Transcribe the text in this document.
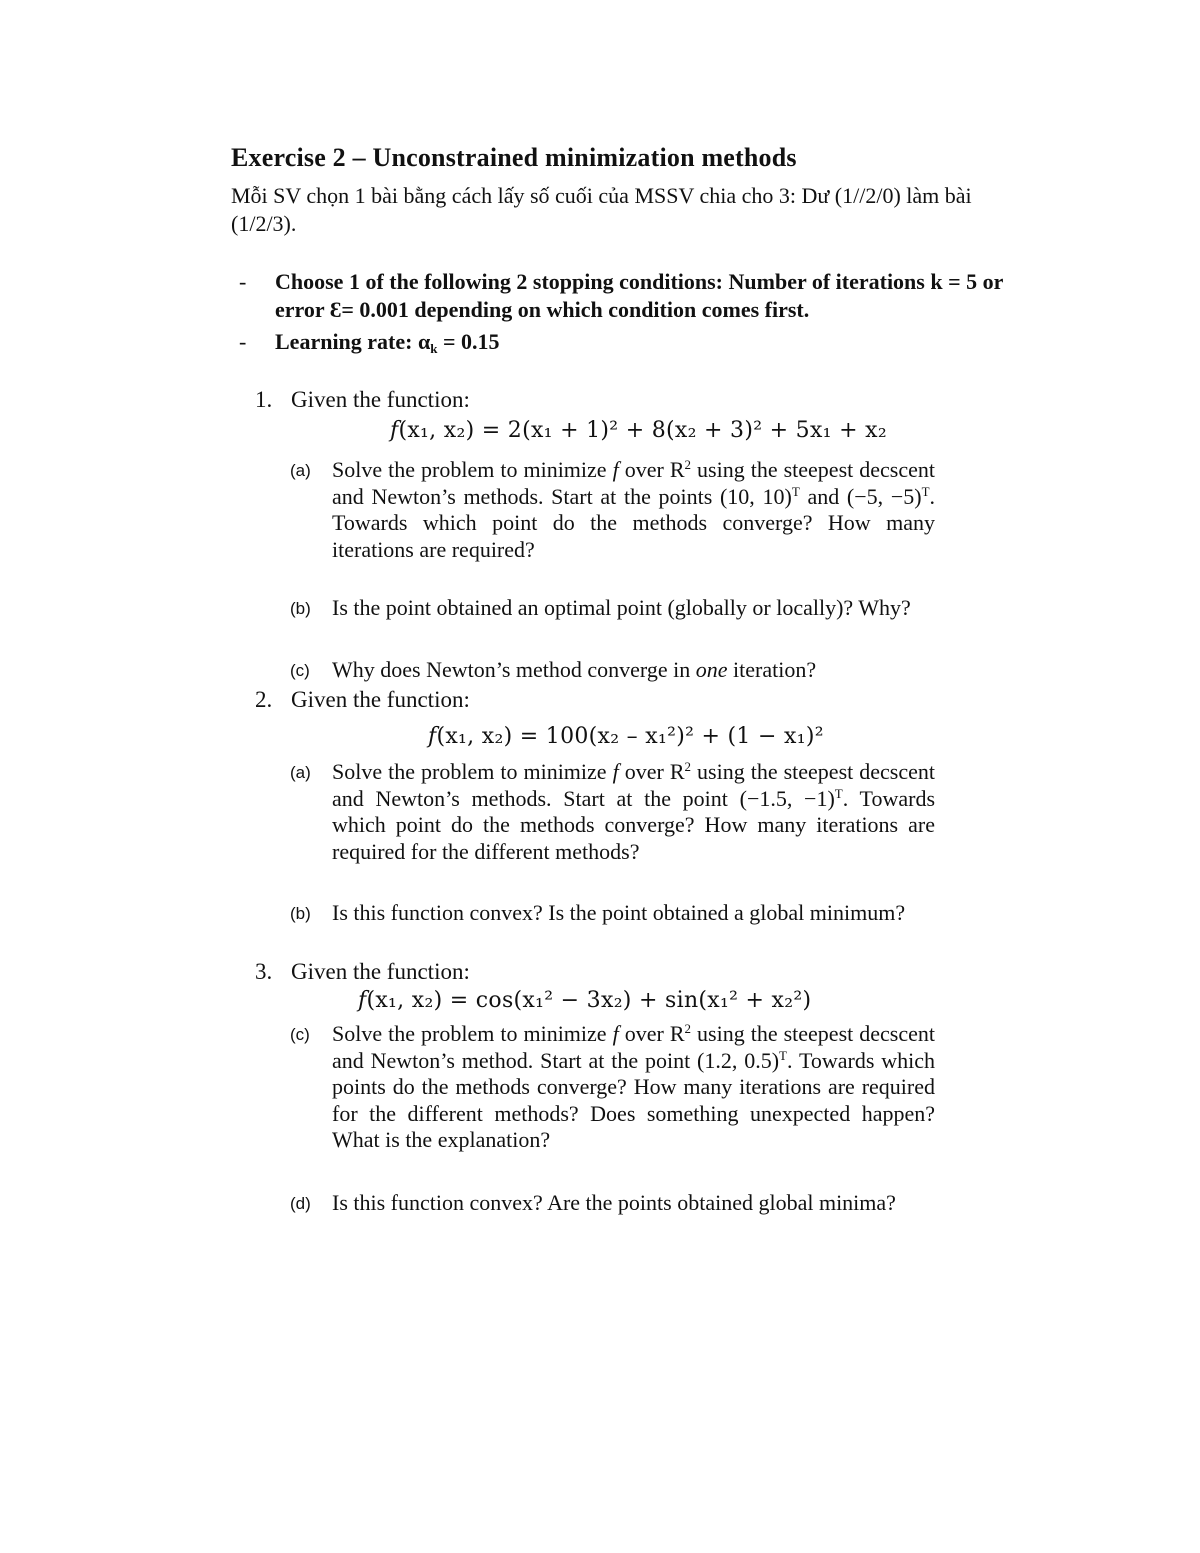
Exercise 2 – Unconstrained minimization methods
Mỗi SV chọn 1 bài bằng cách lấy số cuối của MSSV chia cho 3: Dư (1//2/0) làm bài (1/2/3).
- Choose 1 of the following 2 stopping conditions: Number of iterations k = 5 or error Ɛ= 0.001 depending on which condition comes first.
- Learning rate: $\alpha_k = 0.15$
1. Given the function:
f(x₁, x₂) = 2(x₁ + 1)² + 8(x₂ + 3)² + 5x₁ + x₂
(a) Solve the problem to minimize f over $R^2$ using the steepest decscent and Newton’s methods. Start at the points (10, 10)$^T$ and (−5, −5)$^T$. Towards which point do the methods converge? How many iterations are required?
(b) Is the point obtained an optimal point (globally or locally)? Why?
(c) Why does Newton’s method converge in one iteration?
2. Given the function:
f(x₁, x₂) = 100(x₂ – x₁²)² + (1 − x₁)²
(a) Solve the problem to minimize f over $R^2$ using the steepest decscent and Newton’s methods. Start at the point (−1.5, −1)$^T$. Towards which point do the methods converge? How many iterations are required for the different methods?
(b) Is this function convex? Is the point obtained a global minimum?
3. Given the function:
f(x₁, x₂) = cos(x₁² − 3x₂) + sin(x₁² + x₂²)
(c) Solve the problem to minimize f over $R^2$ using the steepest decscent and Newton’s method. Start at the point (1.2, 0.5)$^T$. Towards which points do the methods converge? How many iterations are required for the different methods? Does something unexpected happen? What is the explanation?
(d) Is this function convex? Are the points obtained global minima?
